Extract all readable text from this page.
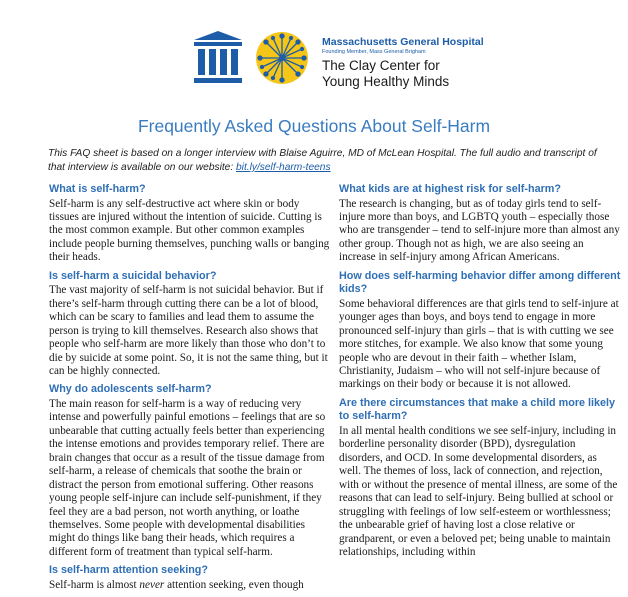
Massachusetts General Hospital
Founding Member, Mass General Brigham
The Clay Center for
Young Healthy Minds
Frequently Asked Questions About Self-Harm
This FAQ sheet is based on a longer interview with Blaise Aguirre, MD of McLean Hospital. The full audio and transcript of that interview is available on our website: bit.ly/self-harm-teens
What is self-harm?
Self-harm is any self-destructive act where skin or body tissues are injured without the intention of suicide. Cutting is the most common example. But other common examples include people burning themselves, punching walls or banging their heads.
Is self-harm a suicidal behavior?
The vast majority of self-harm is not suicidal behavior. But if there’s self-harm through cutting there can be a lot of blood, which can be scary to families and lead them to assume the person is trying to kill themselves. Research also shows that people who self-harm are more likely than those who don’t to die by suicide at some point. So, it is not the same thing, but it can be highly connected.
Why do adolescents self-harm?
The main reason for self-harm is a way of reducing very intense and powerfully painful emotions – feelings that are so unbearable that cutting actually feels better than experiencing the intense emotions and provides temporary relief. There are brain changes that occur as a result of the tissue damage from self-harm, a release of chemicals that soothe the brain or distract the person from emotional suffering. Other reasons young people self-injure can include self-punishment, if they feel they are a bad person, not worth anything, or loathe themselves. Some people with developmental disabilities might do things like bang their heads, which requires a different form of treatment than typical self-harm.
Is self-harm attention seeking?
Self-harm is almost never attention seeking, even though
What kids are at highest risk for self-harm?
The research is changing, but as of today girls tend to self-injure more than boys, and LGBTQ youth – especially those who are transgender – tend to self-injure more than almost any other group. Though not as high, we are also seeing an increase in self-injury among African Americans.
How does self-harming behavior differ among different kids?
Some behavioral differences are that girls tend to self-injure at younger ages than boys, and boys tend to engage in more pronounced self-injury than girls – that is with cutting we see more stitches, for example. We also know that some young people who are devout in their faith – whether Islam, Christianity, Judaism – who will not self-injure because of markings on their body or because it is not allowed.
Are there circumstances that make a child more likely to self-harm?
In all mental health conditions we see self-injury, including in borderline personality disorder (BPD), dysregulation disorders, and OCD. In some developmental disorders, as well. The themes of loss, lack of connection, and rejection, with or without the presence of mental illness, are some of the reasons that can lead to self-injury. Being bullied at school or struggling with feelings of low self-esteem or worthlessness; the unbearable grief of having lost a close relative or grandparent, or even a beloved pet; being unable to maintain relationships, including within
